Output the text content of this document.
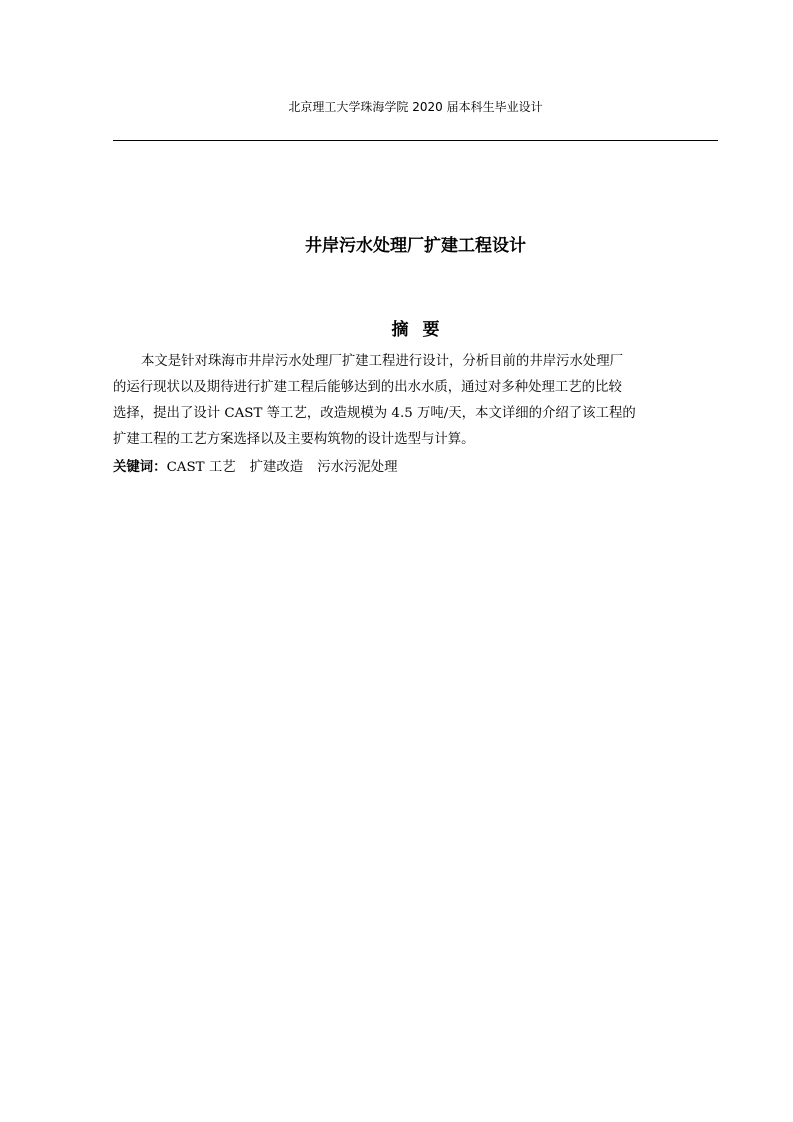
北京理工大学珠海学院 2020 届本科生毕业设计
井岸污水处理厂扩建工程设计
摘要

本文是针对珠海市井岸污水处理厂扩建工程进行设计，分析目前的井岸污水处理厂
的运行现状以及期待进行扩建工程后能够达到的出水水质，通过对多种处理工艺的比较
选择，提出了设计 CAST 等工艺，改造规模为 4.5 万吨/天，本文详细的介绍了该工程的
扩建工程的工艺方案选择以及主要构筑物的设计选型与计算。

关键词：CAST 工艺 扩建改造 污水污泥处理
